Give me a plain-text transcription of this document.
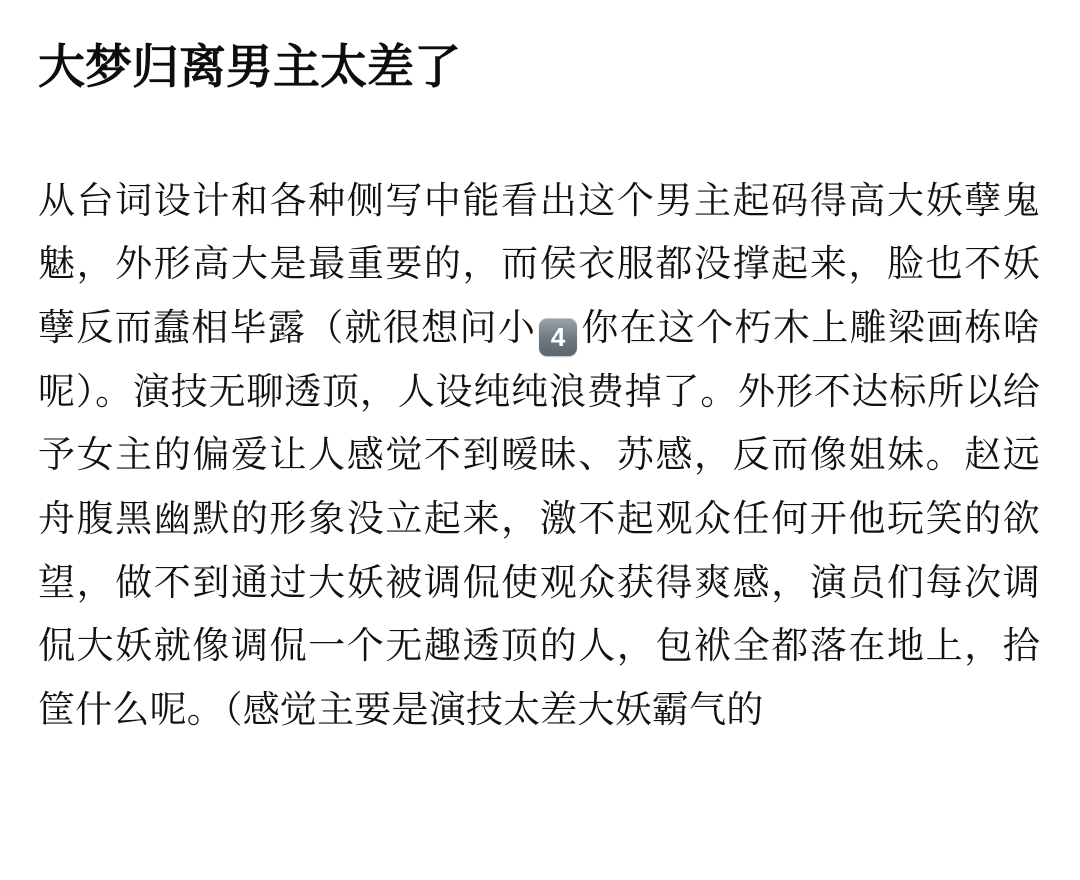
大梦归离男主太差了
从台词设计和各种侧写中能看出这个男主起码得高大妖孽鬼魅，外形高大是最重要的，而侯衣服都没撑起来，脸也不妖孽反而蠢相毕露（就很想问小 4 你在这个朽木上雕梁画栋啥呢）。演技无聊透顶，人设纯纯浪费掉了。外形不达标所以给予女主的偏爱让人感觉不到暧昧、苏感，反而像姐妹。赵远舟腹黑幽默的形象没立起来，激不起观众任何开他玩笑的欲望，做不到通过大妖被调侃使观众获得爽感，演员们每次调侃大妖就像调侃一个无趣透顶的人，包袱全都落在地上，拾筐什么呢。（感觉主要是演技太差大妖霸气的
